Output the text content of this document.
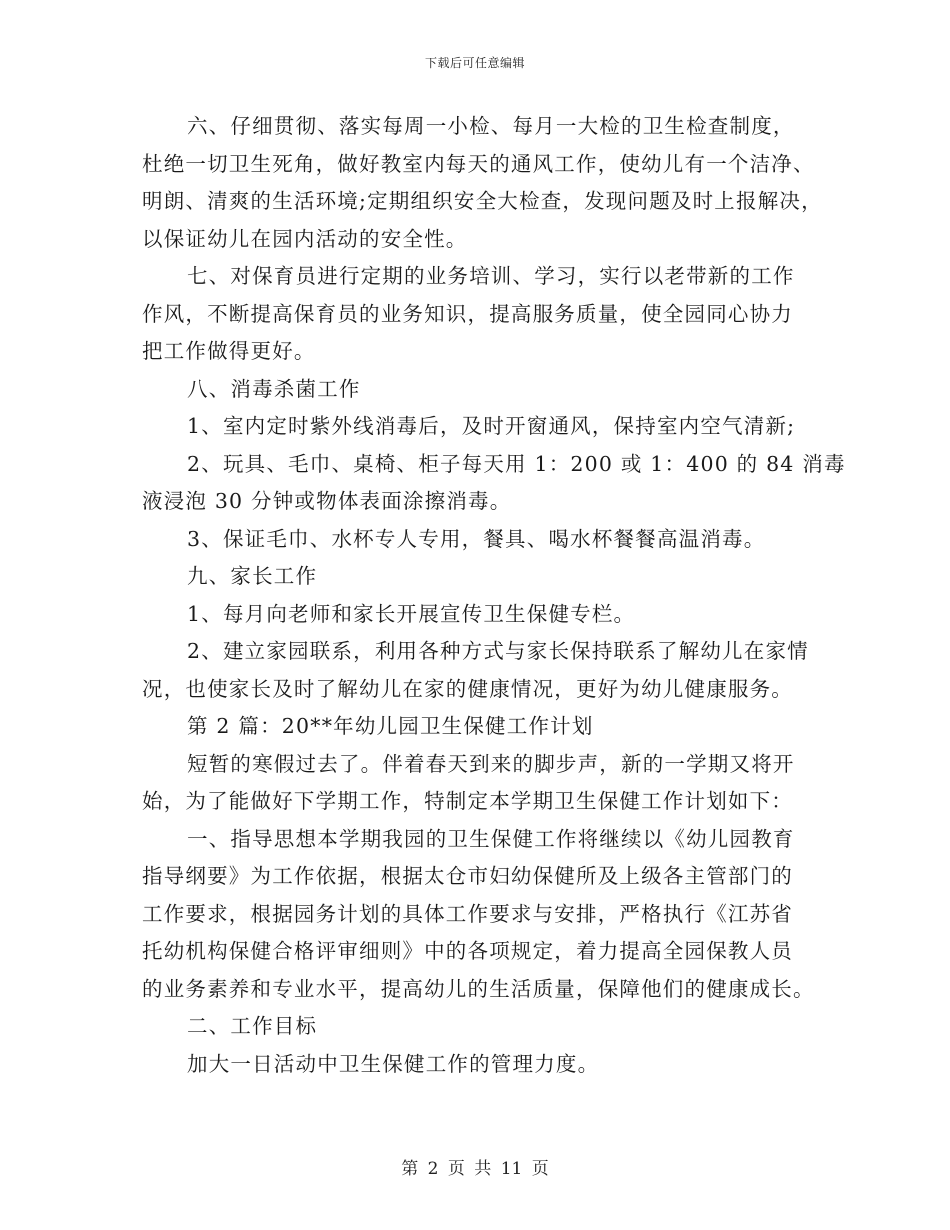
下载后可任意编辑
六、仔细贯彻、落实每周一小检、每月一大检的卫生检查制度，
杜绝一切卫生死角，做好教室内每天的通风工作，使幼儿有一个洁净、
明朗、清爽的生活环境;定期组织安全大检查，发现问题及时上报解决，
以保证幼儿在园内活动的安全性。
七、对保育员进行定期的业务培训、学习，实行以老带新的工作
作风，不断提高保育员的业务知识，提高服务质量，使全园同心协力
把工作做得更好。
八、消毒杀菌工作
1、室内定时紫外线消毒后，及时开窗通风，保持室内空气清新;
2、玩具、毛巾、桌椅、柜子每天用 1：200 或 1：400 的 84 消毒
液浸泡 30 分钟或物体表面涂擦消毒。
3、保证毛巾、水杯专人专用，餐具、喝水杯餐餐高温消毒。
九、家长工作
1、每月向老师和家长开展宣传卫生保健专栏。
2、建立家园联系，利用各种方式与家长保持联系了解幼儿在家情
况，也使家长及时了解幼儿在家的健康情况，更好为幼儿健康服务。
第 2 篇：20**年幼儿园卫生保健工作计划
短暂的寒假过去了。伴着春天到来的脚步声，新的一学期又将开
始，为了能做好下学期工作，特制定本学期卫生保健工作计划如下：
一、指导思想本学期我园的卫生保健工作将继续以《幼儿园教育
指导纲要》为工作依据，根据太仓市妇幼保健所及上级各主管部门的
工作要求，根据园务计划的具体工作要求与安排，严格执行《江苏省
托幼机构保健合格评审细则》中的各项规定，着力提高全园保教人员
的业务素养和专业水平，提高幼儿的生活质量，保障他们的健康成长。
二、工作目标
加大一日活动中卫生保健工作的管理力度。
第 2 页 共 11 页
